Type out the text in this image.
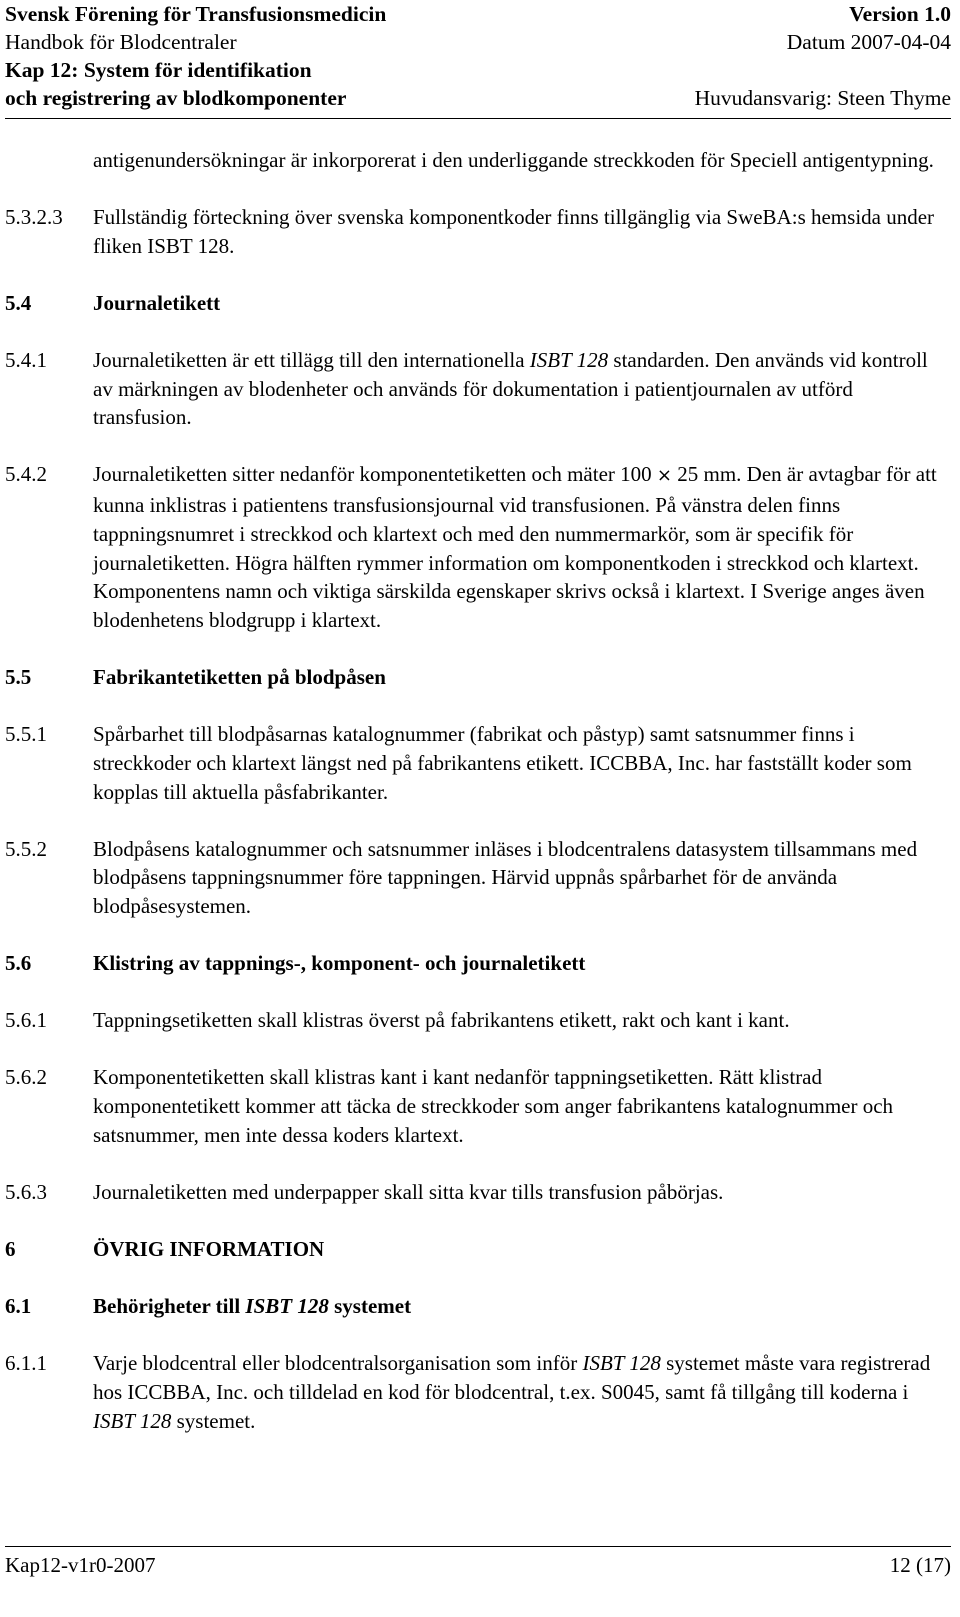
Svensk Förening för Transfusionsmedicin	Version 1.0
Handbok för Blodcentraler	Datum 2007-04-04
Kap 12: System för identifikation
och registrering av blodkomponenter	Huvudansvarig: Steen Thyme
antigenundersökningar är inkorporerat i den underliggande streckkoden för Speciell antigentypning.
5.3.2.3	Fullständig förteckning över svenska komponentkoder finns tillgänglig via SweBA:s hemsida under fliken ISBT 128.
5.4	Journaletikett
5.4.1	Journaletiketten är ett tillägg till den internationella ISBT 128 standarden. Den används vid kontroll av märkningen av blodenheter och används för dokumentation i patientjournalen av utförd transfusion.
5.4.2	Journaletiketten sitter nedanför komponentetiketten och mäter 100 × 25 mm. Den är avtagbar för att kunna inklistras i patientens transfusionsjournal vid transfusionen. På vänstra delen finns tappningsnumret i streckkod och klartext och med den nummermarkör, som är specifik för journaletiketten. Högra hälften rymmer information om komponentkoden i streckkod och klartext. Komponentens namn och viktiga särskilda egenskaper skrivs också i klartext. I Sverige anges även blodenhetens blodgrupp i klartext.
5.5	Fabrikantetiketten på blodpåsen
5.5.1	Spårbarhet till blodpåsarnas katalognummer (fabrikat och påstyp) samt satsnummer finns i streckkoder och klartext längst ned på fabrikantens etikett. ICCBBA, Inc. har fastställt koder som kopplas till aktuella påsfabrikanter.
5.5.2	Blodpåsens katalognummer och satsnummer inläses i blodcentralens datasystem tillsammans med blodpåsens tappningsnummer före tappningen. Härvid uppnås spårbarhet för de använda blodpåsesystemen.
5.6	Klistring av tappnings-, komponent- och journaletikett
5.6.1	Tappningsetiketten skall klistras överst på fabrikantens etikett, rakt och kant i kant.
5.6.2	Komponentetiketten skall klistras kant i kant nedanför tappningsetiketten. Rätt klistrad komponentetikett kommer att täcka de streckkoder som anger fabrikantens katalognummer och satsnummer, men inte dessa koders klartext.
5.6.3	Journaletiketten med underpapper skall sitta kvar tills transfusion påbörjas.
6	ÖVRIG INFORMATION
6.1	Behörigheter till ISBT 128 systemet
6.1.1	Varje blodcentral eller blodcentralsorganisation som inför ISBT 128 systemet måste vara registrerad hos ICCBBA, Inc. och tilldelad en kod för blodcentral, t.ex. S0045, samt få tillgång till koderna i ISBT 128 systemet.
Kap12-v1r0-2007	12 (17)
